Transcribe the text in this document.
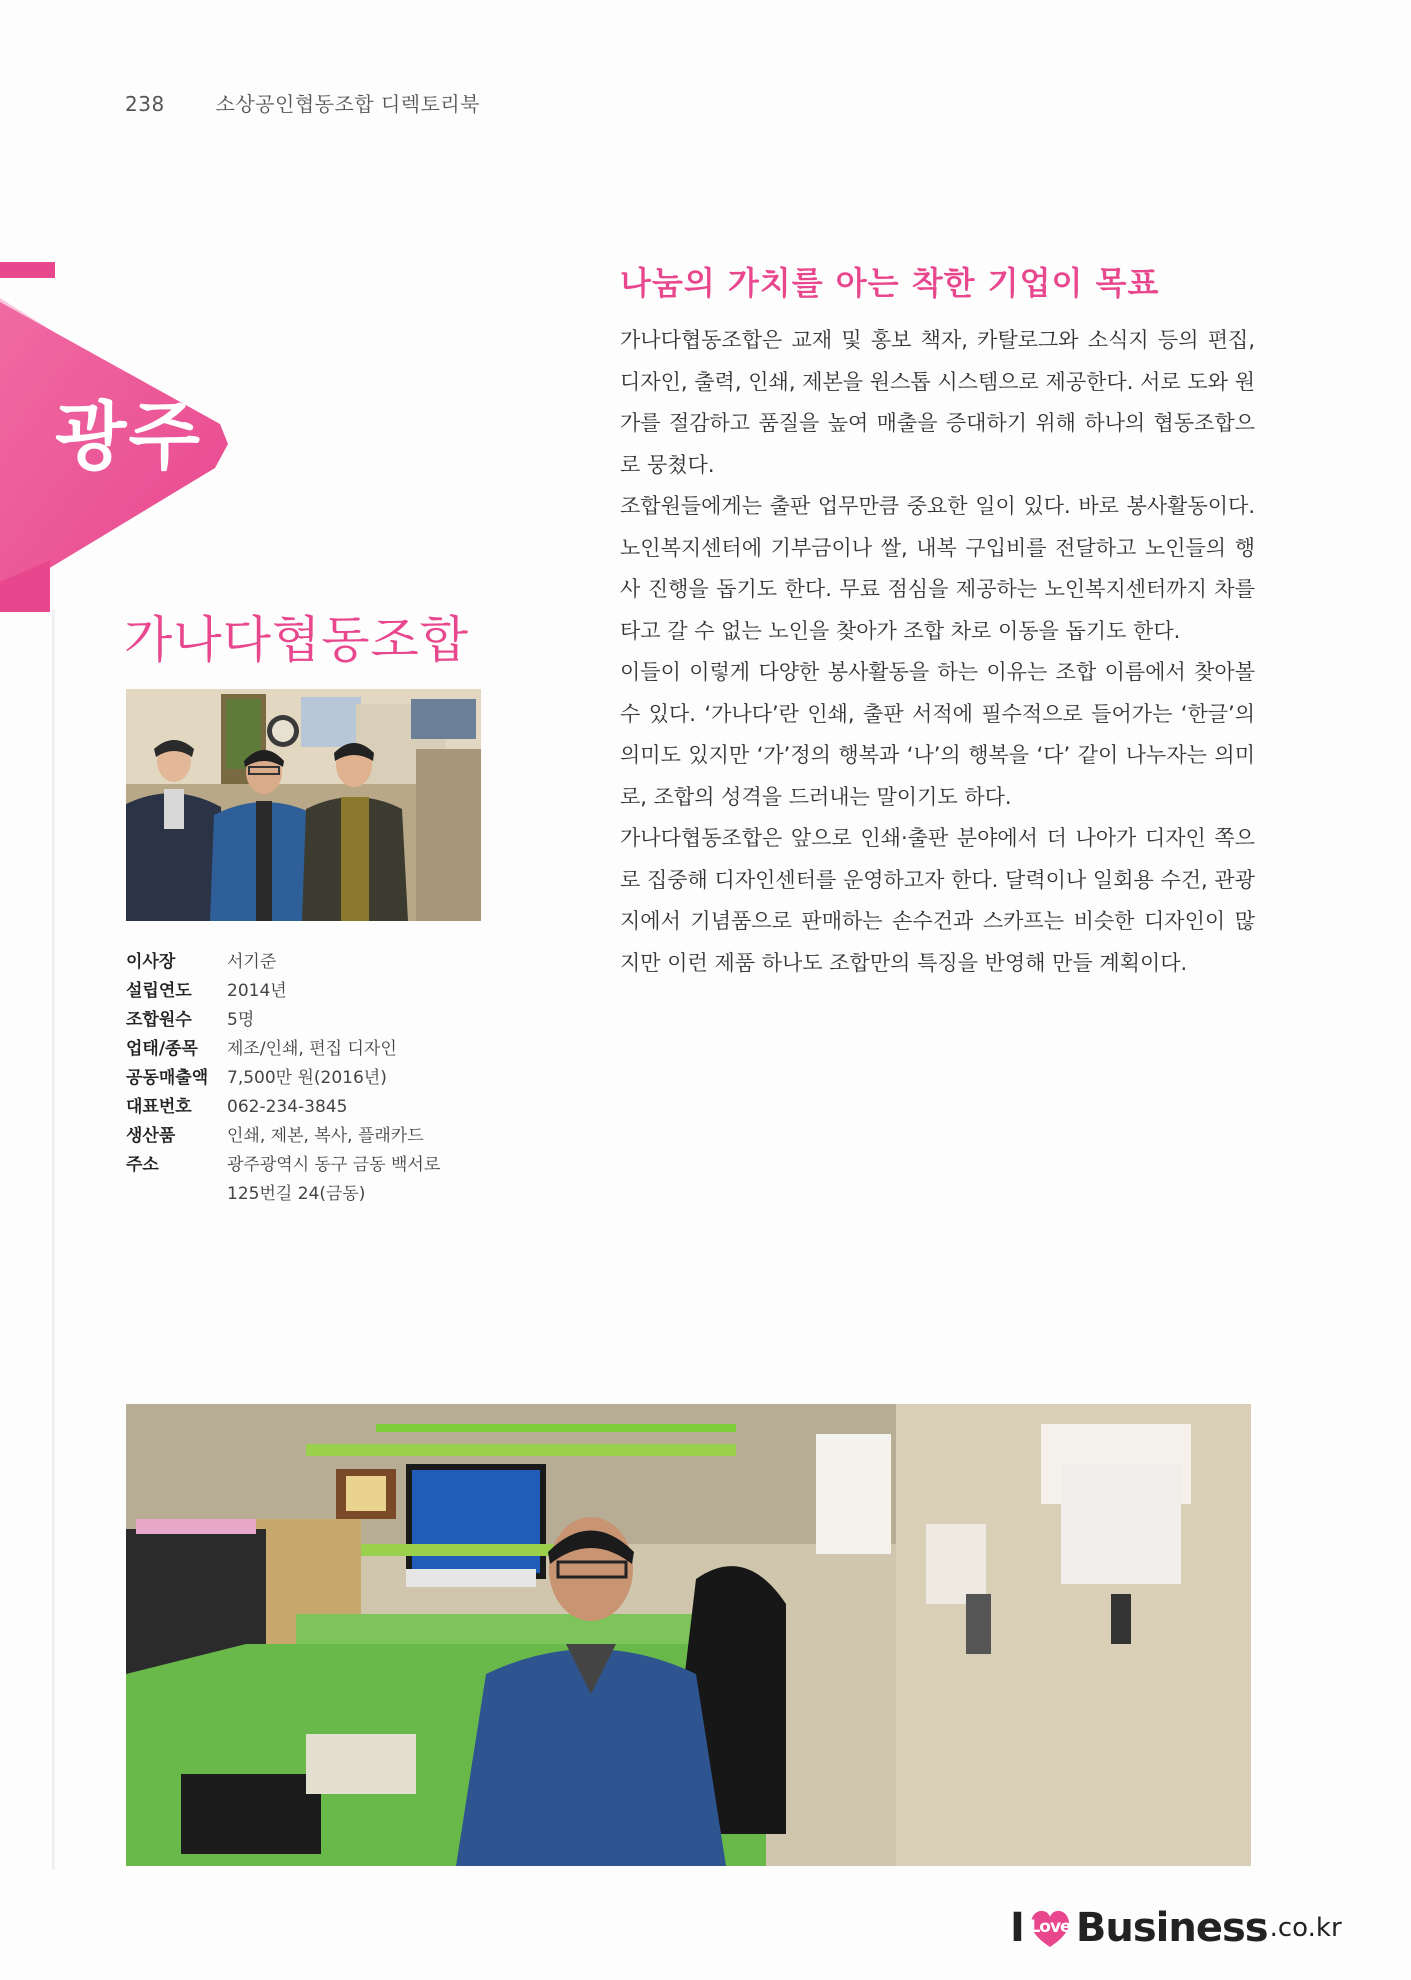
238	소상공인협동조합 디렉토리북
광주
가나다협동조합
이사장	서기준
설립연도	2014년
조합원수	5명
업태/종목	제조/인쇄, 편집 디자인
공동매출액	7,500만 원(2016년)
대표번호	062-234-3845
생산품	인쇄, 제본, 복사, 플래카드
주소	광주광역시 동구 금동 백서로
125번길 24(금동)
나눔의 가치를 아는 착한 기업이 목표

가나다협동조합은 교재 및 홍보 책자, 카탈로그와 소식지 등의 편집, 디자인, 출력, 인쇄, 제본을 원스톱 시스템으로 제공한다. 서로 도와 원가를 절감하고 품질을 높여 매출을 증대하기 위해 하나의 협동조합으로 뭉쳤다.

조합원들에게는 출판 업무만큼 중요한 일이 있다. 바로 봉사활동이다. 노인복지센터에 기부금이나 쌀, 내복 구입비를 전달하고 노인들의 행사 진행을 돕기도 한다. 무료 점심을 제공하는 노인복지센터까지 차를 타고 갈 수 없는 노인을 찾아가 조합 차로 이동을 돕기도 한다.

이들이 이렇게 다양한 봉사활동을 하는 이유는 조합 이름에서 찾아볼 수 있다. ‘가나다’란 인쇄, 출판 서적에 필수적으로 들어가는 ‘한글’의 의미도 있지만 ‘가’정의 행복과 ‘나’의 행복을 ‘다’ 같이 나누자는 의미로, 조합의 성격을 드러내는 말이기도 하다.

가나다협동조합은 앞으로 인쇄·출판 분야에서 더 나아가 디자인 쪽으로 집중해 디자인센터를 운영하고자 한다. 달력이나 일회용 수건, 관광지에서 기념품으로 판매하는 손수건과 스카프는 비슷한 디자인이 많지만 이런 제품 하나도 조합만의 특징을 반영해 만들 계획이다.

I Love Business .co.kr
